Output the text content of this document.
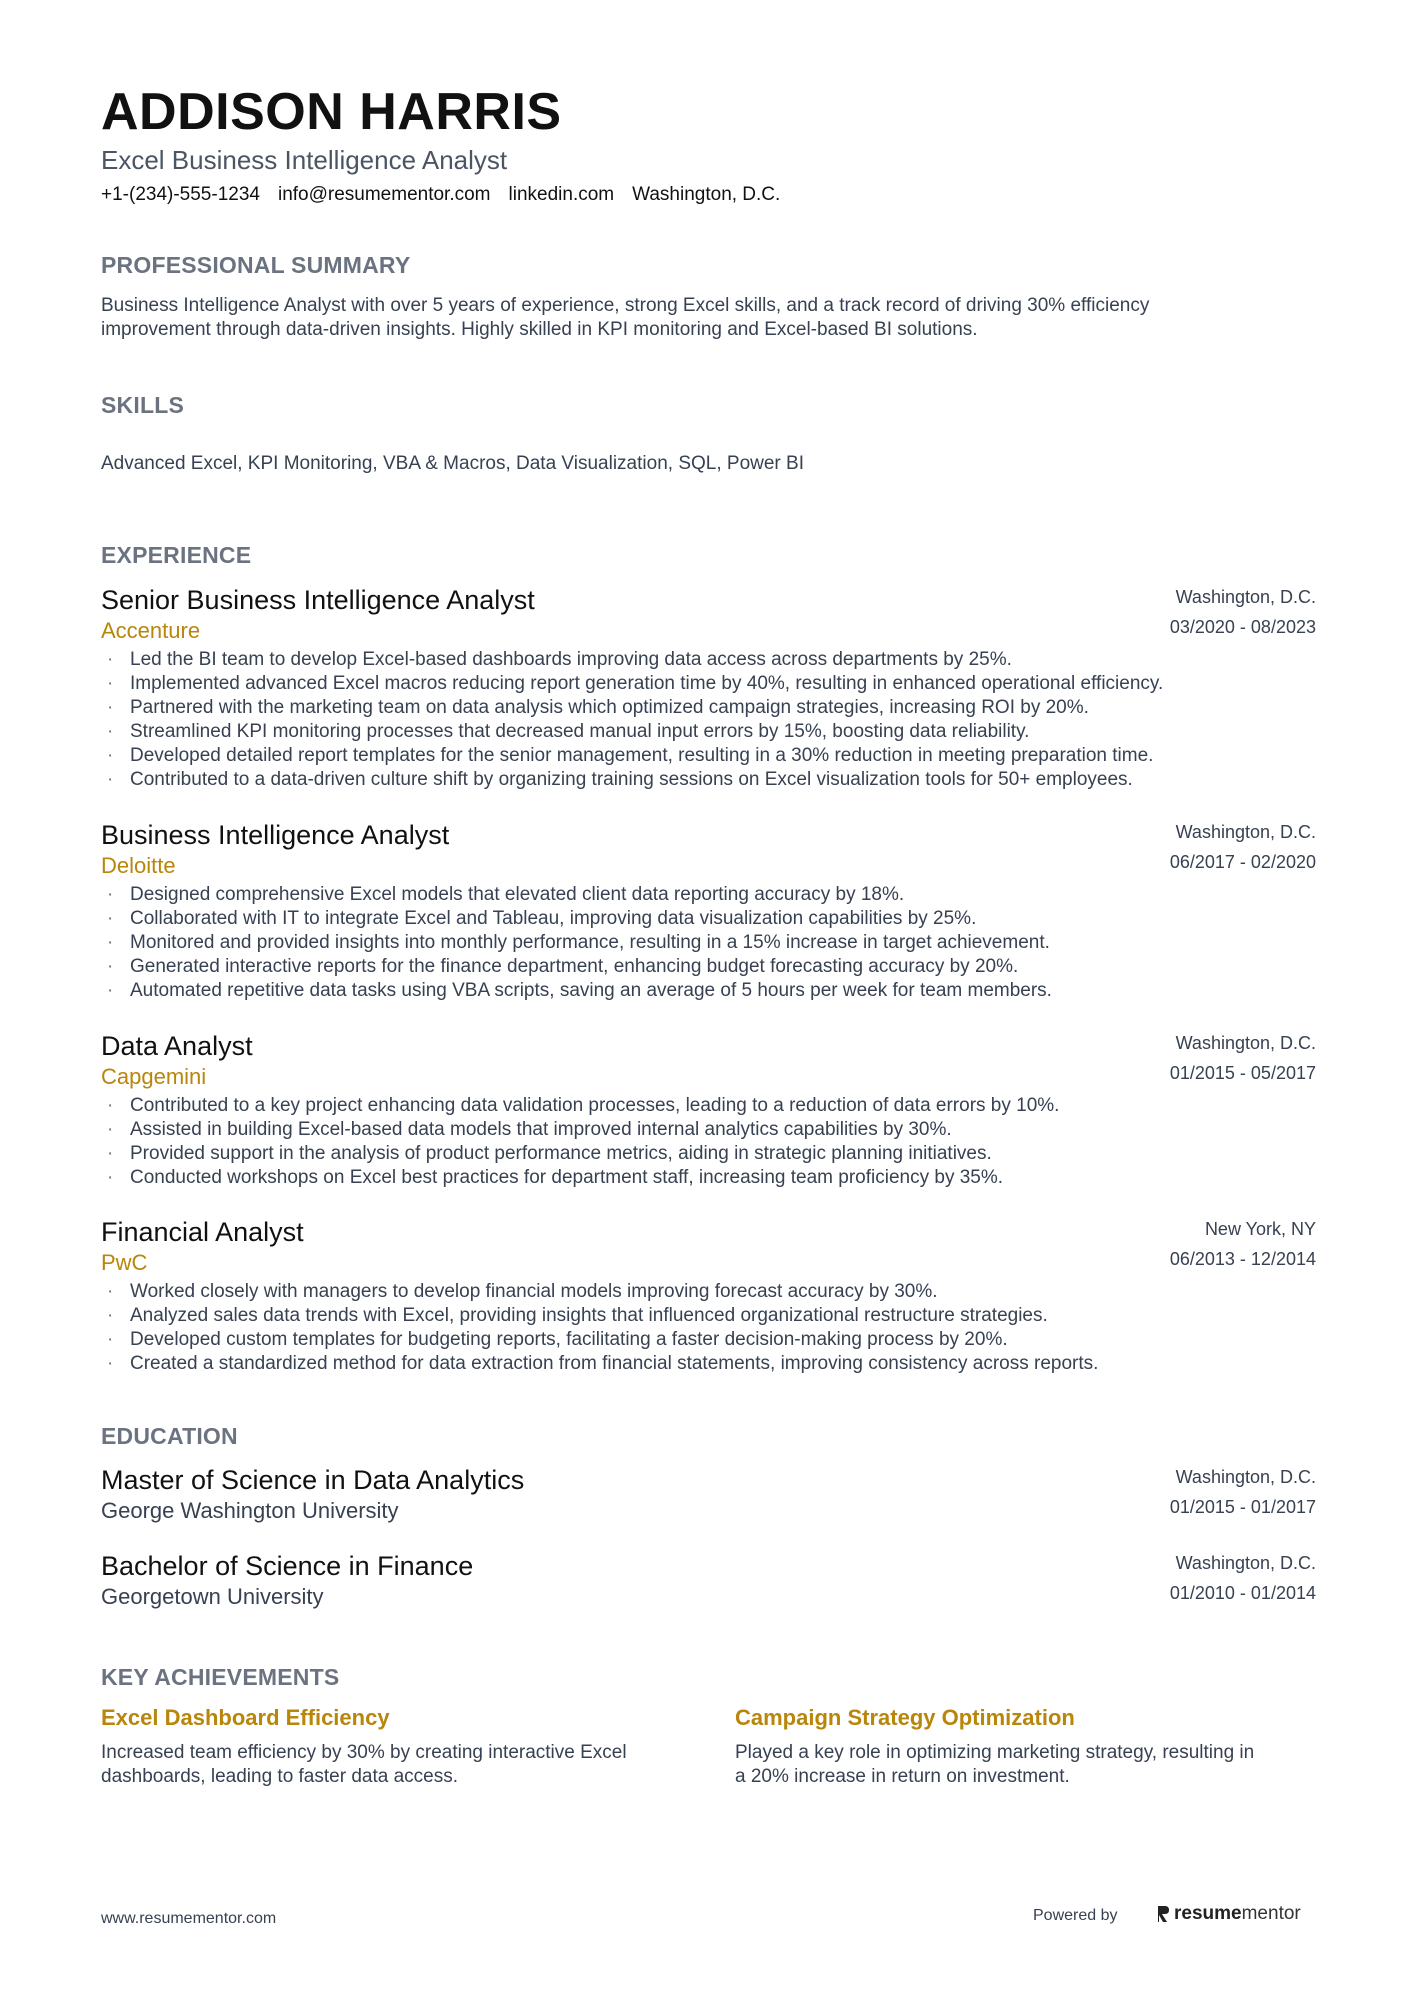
ADDISON HARRIS
Excel Business Intelligence Analyst
+1-(234)-555-1234 info@resumementor.com linkedin.com Washington, D.C.
PROFESSIONAL SUMMARY
Business Intelligence Analyst with over 5 years of experience, strong Excel skills, and a track record of driving 30% efficiency
improvement through data-driven insights. Highly skilled in KPI monitoring and Excel-based BI solutions.
SKILLS
Advanced Excel, KPI Monitoring, VBA & Macros, Data Visualization, SQL, Power BI
EXPERIENCE
Senior Business Intelligence Analyst
Accenture
Washington, D.C.
03/2020 - 08/2023
· Led the BI team to develop Excel-based dashboards improving data access across departments by 25%.
· Implemented advanced Excel macros reducing report generation time by 40%, resulting in enhanced operational efficiency.
· Partnered with the marketing team on data analysis which optimized campaign strategies, increasing ROI by 20%.
· Streamlined KPI monitoring processes that decreased manual input errors by 15%, boosting data reliability.
· Developed detailed report templates for the senior management, resulting in a 30% reduction in meeting preparation time.
· Contributed to a data-driven culture shift by organizing training sessions on Excel visualization tools for 50+ employees.
Business Intelligence Analyst
Deloitte
Washington, D.C.
06/2017 - 02/2020
· Designed comprehensive Excel models that elevated client data reporting accuracy by 18%.
· Collaborated with IT to integrate Excel and Tableau, improving data visualization capabilities by 25%.
· Monitored and provided insights into monthly performance, resulting in a 15% increase in target achievement.
· Generated interactive reports for the finance department, enhancing budget forecasting accuracy by 20%.
· Automated repetitive data tasks using VBA scripts, saving an average of 5 hours per week for team members.
Data Analyst
Capgemini
Washington, D.C.
01/2015 - 05/2017
· Contributed to a key project enhancing data validation processes, leading to a reduction of data errors by 10%.
· Assisted in building Excel-based data models that improved internal analytics capabilities by 30%.
· Provided support in the analysis of product performance metrics, aiding in strategic planning initiatives.
· Conducted workshops on Excel best practices for department staff, increasing team proficiency by 35%.
Financial Analyst
PwC
New York, NY
06/2013 - 12/2014
· Worked closely with managers to develop financial models improving forecast accuracy by 30%.
· Analyzed sales data trends with Excel, providing insights that influenced organizational restructure strategies.
· Developed custom templates for budgeting reports, facilitating a faster decision-making process by 20%.
· Created a standardized method for data extraction from financial statements, improving consistency across reports.
EDUCATION
Master of Science in Data Analytics
George Washington University
Washington, D.C.
01/2015 - 01/2017
Bachelor of Science in Finance
Georgetown University
Washington, D.C.
01/2010 - 01/2014
KEY ACHIEVEMENTS
Excel Dashboard Efficiency
Increased team efficiency by 30% by creating interactive Excel
dashboards, leading to faster data access.
Campaign Strategy Optimization
Played a key role in optimizing marketing strategy, resulting in
a 20% increase in return on investment.
www.resumementor.com	Powered by	resume mentor
